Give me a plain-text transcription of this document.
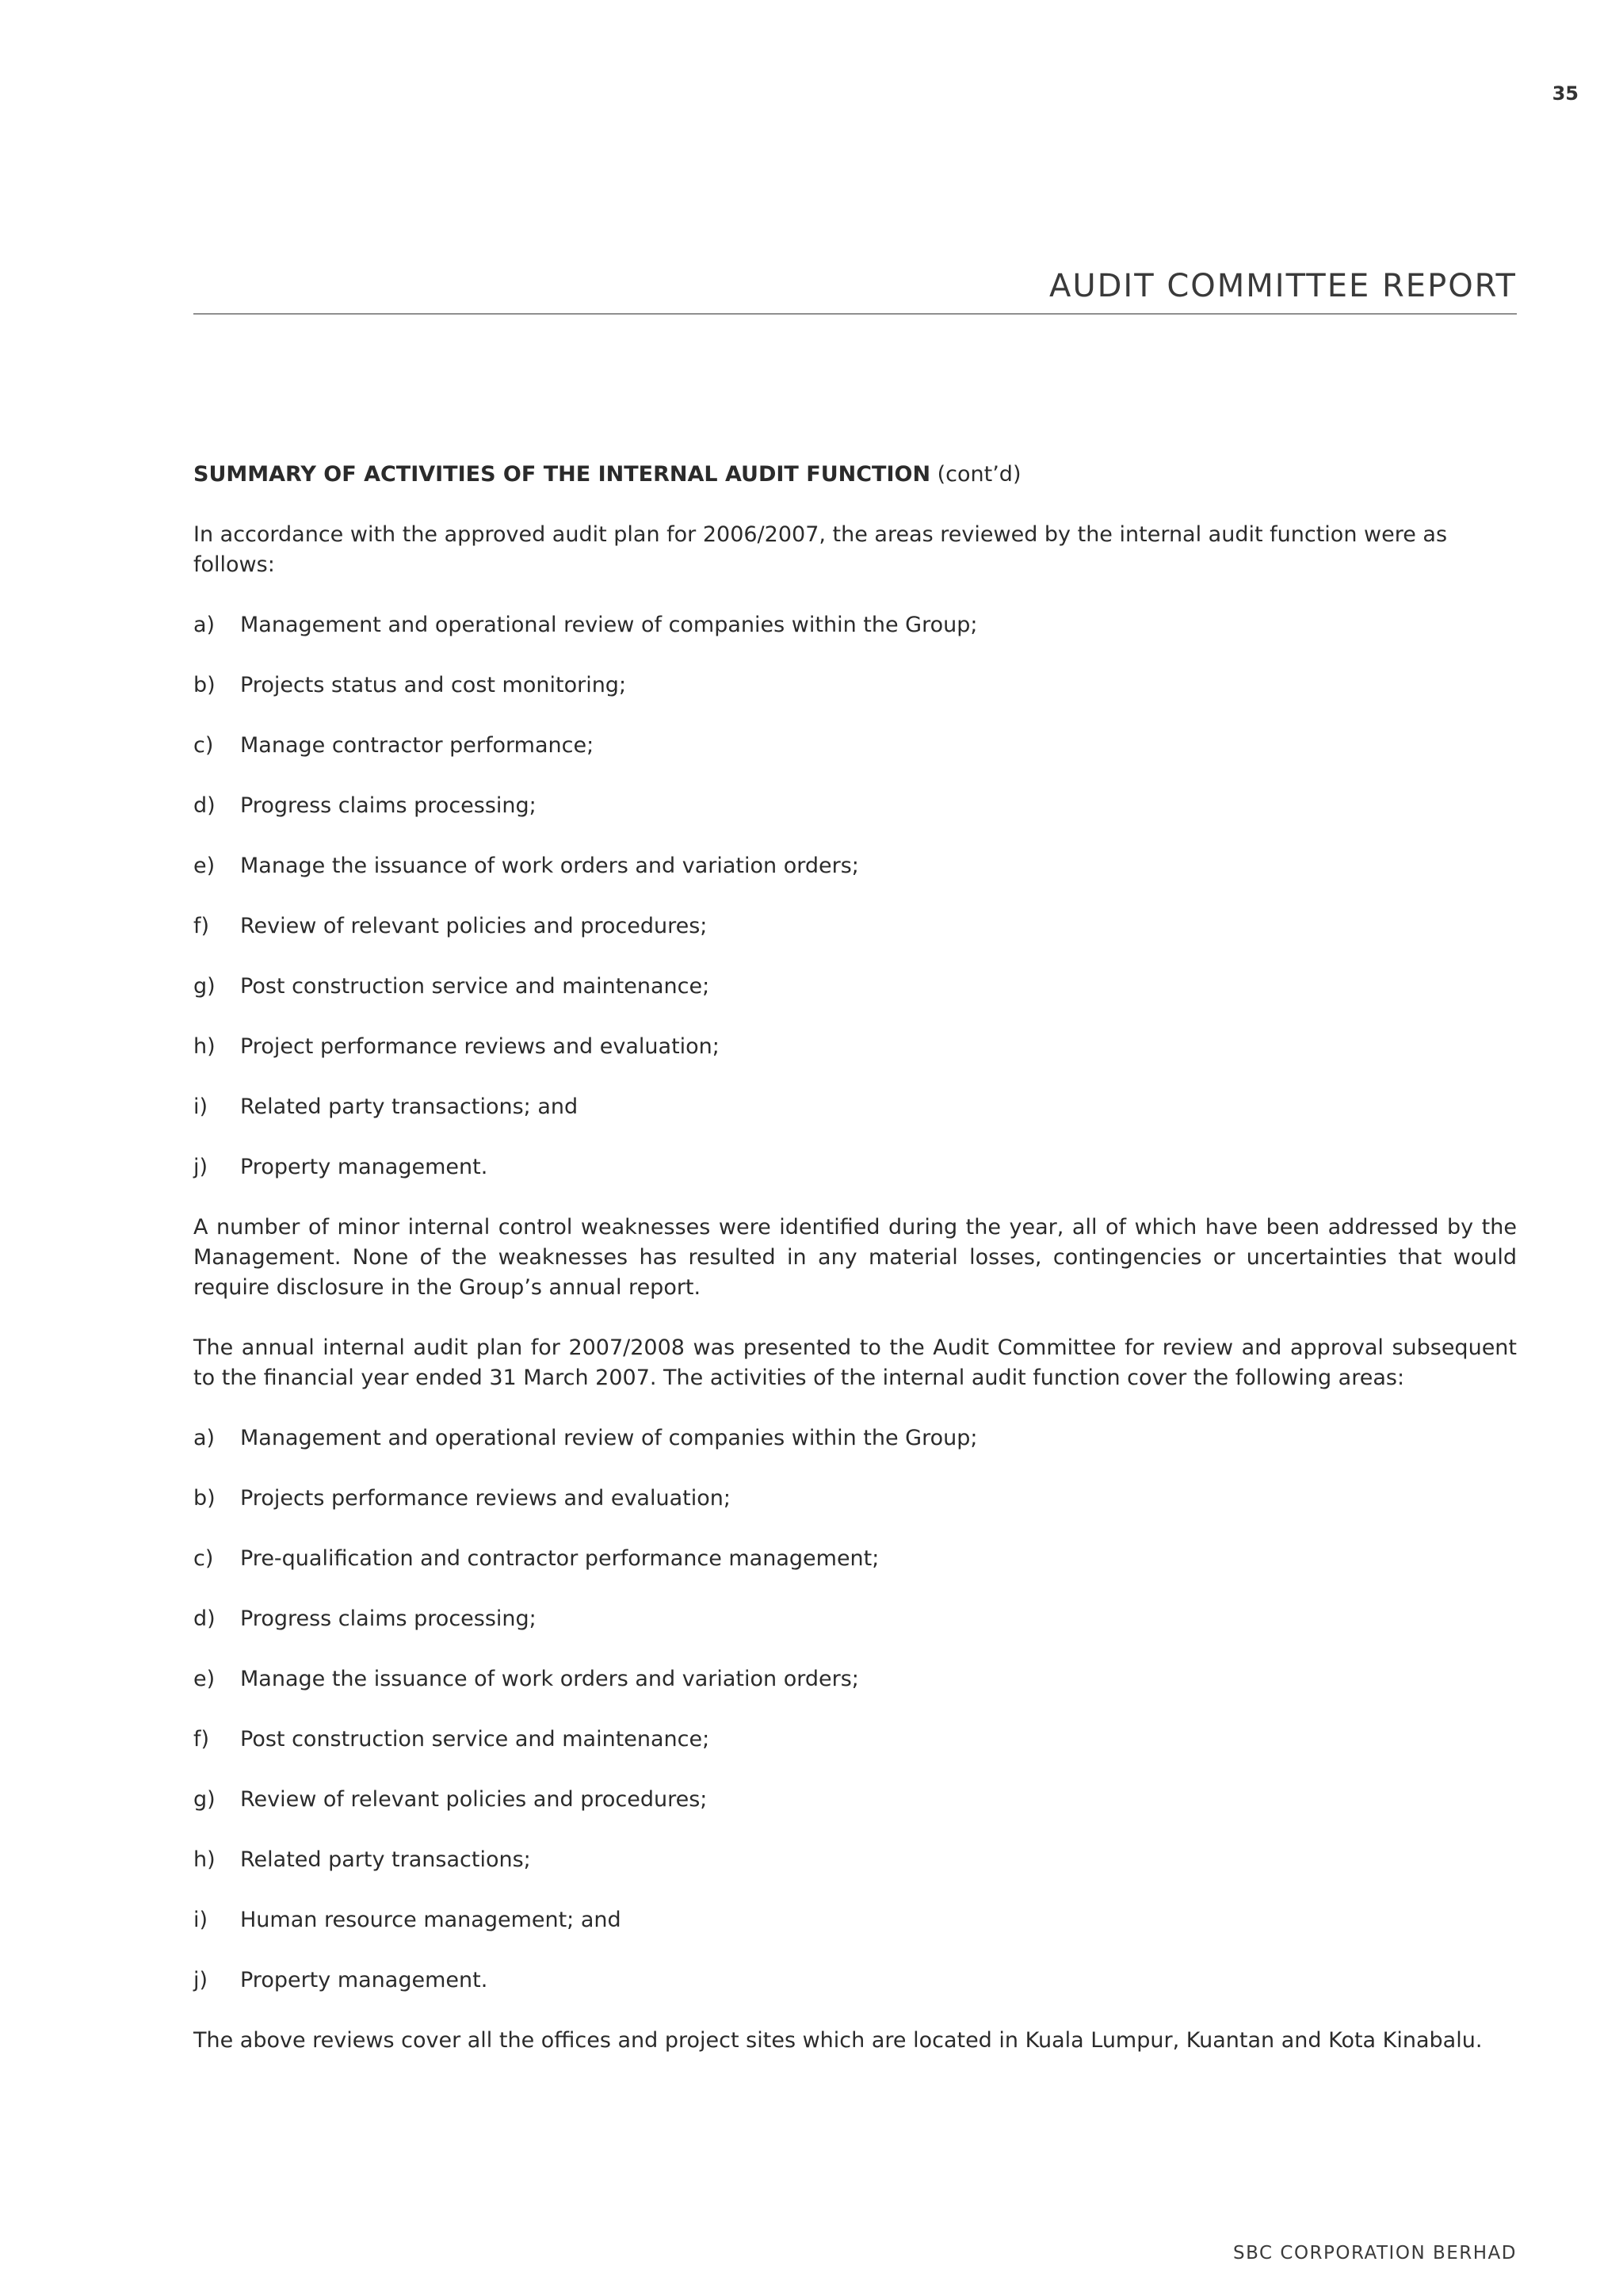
35
AUDIT COMMITTEE REPORT
SUMMARY OF ACTIVITIES OF THE INTERNAL AUDIT FUNCTION (cont’d)

In accordance with the approved audit plan for 2006/2007, the areas reviewed by the internal audit function were as follows:

a)	Management and operational review of companies within the Group;
b)	Projects status and cost monitoring;
c)	Manage contractor performance;
d)	Progress claims processing;
e)	Manage the issuance of work orders and variation orders;
f)	Review of relevant policies and procedures;
g)	Post construction service and maintenance;
h)	Project performance reviews and evaluation;
i)	Related party transactions; and
j)	Property management.

A number of minor internal control weaknesses were identified during the year, all of which have been addressed by the Management. None of the weaknesses has resulted in any material losses, contingencies or uncertainties that would require disclosure in the Group’s annual report.

The annual internal audit plan for 2007/2008 was presented to the Audit Committee for review and approval subsequent to the financial year ended 31 March 2007. The activities of the internal audit function cover the following areas:

a)	Management and operational review of companies within the Group;
b)	Projects performance reviews and evaluation;
c)	Pre-qualification and contractor performance management;
d)	Progress claims processing;
e)	Manage the issuance of work orders and variation orders;
f)	Post construction service and maintenance;
g)	Review of relevant policies and procedures;
h)	Related party transactions;
i)	Human resource management; and
j)	Property management.

The above reviews cover all the offices and project sites which are located in Kuala Lumpur, Kuantan and Kota Kinabalu.

SBC CORPORATION BERHAD
